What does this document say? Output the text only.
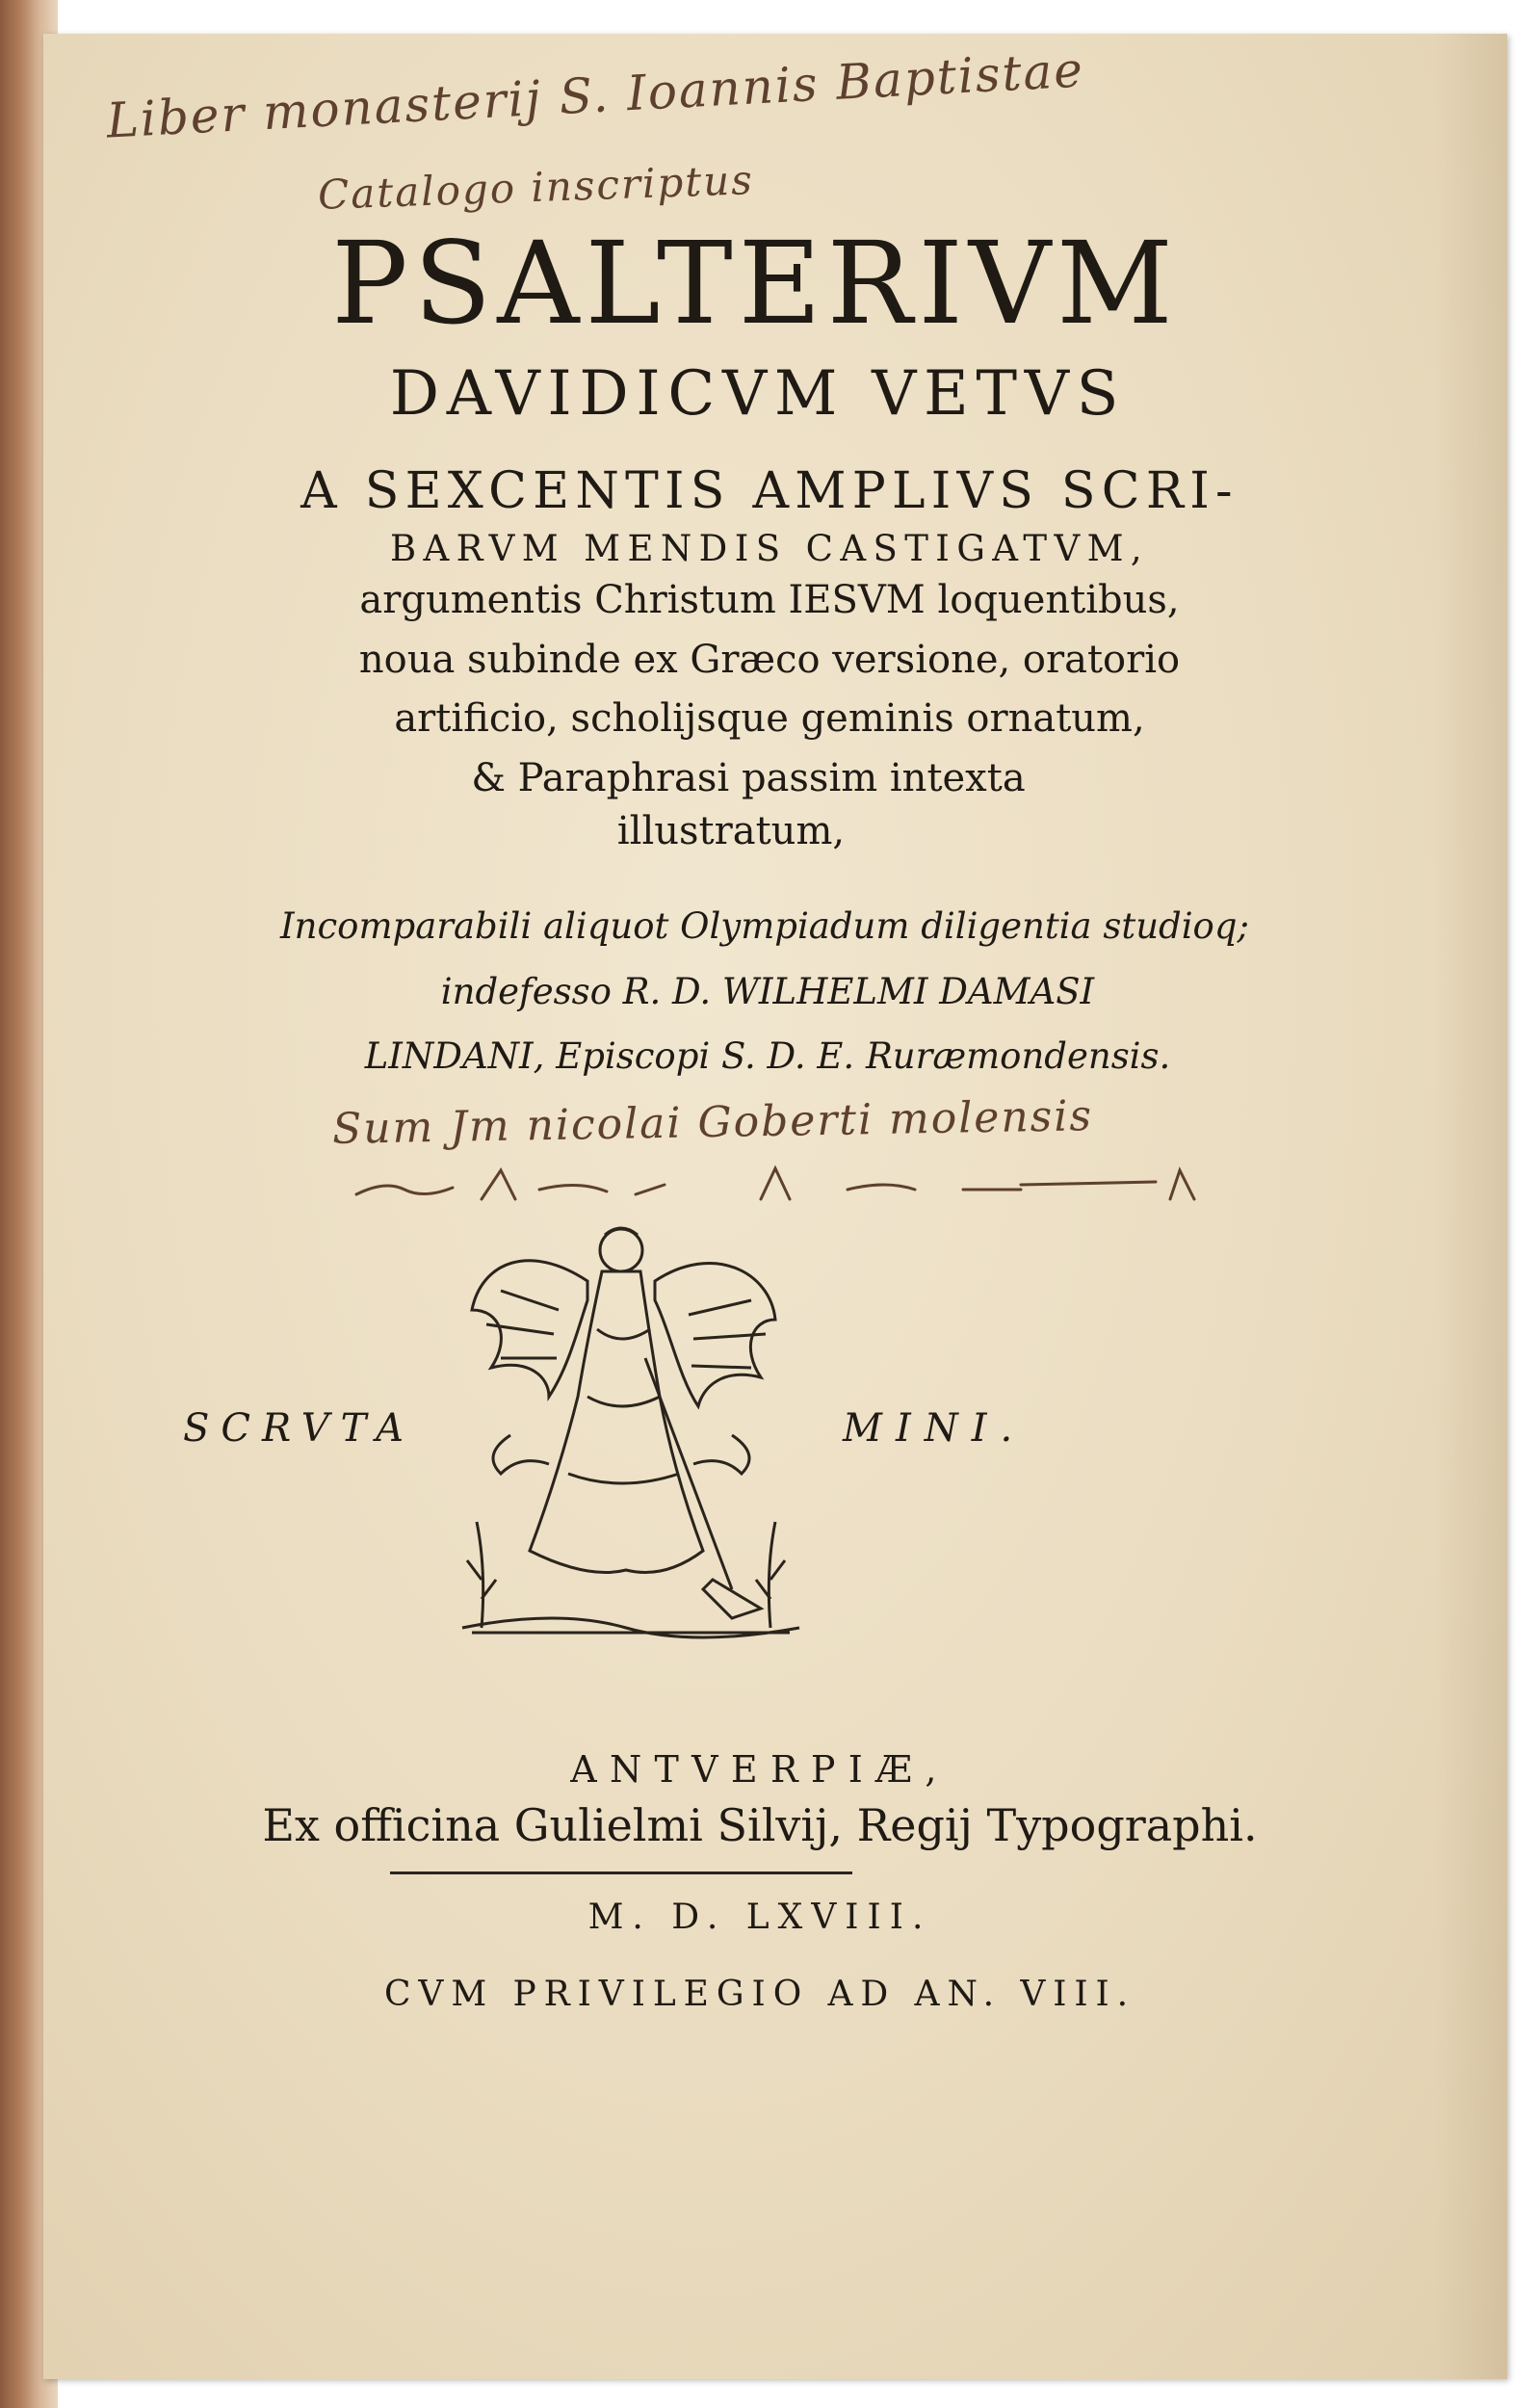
Liber monasterij S. Ioannis Baptistae
Catalogo inscriptus
PSALTERIVM
DAVIDICVM VETVS
A SEXCENTIS AMPLIVS SCRI-
BARVM MENDIS CASTIGATVM,
argumentis Christum IESVM loquentibus,
noua subinde ex Græco versione, oratorio
artificio, scholijsque geminis ornatum,
& Paraphrasi passim intexta
illustratum,
Incomparabili aliquot Olympiadum diligentia studioq;
indefesso R. D. WILHELMI DAMASI
LINDANI, Episcopi S. D. E. Ruræmondensis.
Sum Jm nicolai Goberti molensis
SCRVTA	MINI.
ANTVERPIÆ,
Ex officina Gulielmi Silvij, Regij Typographi.
M. D. LXVIII.
CVM PRIVILEGIO AD AN. VIII.
